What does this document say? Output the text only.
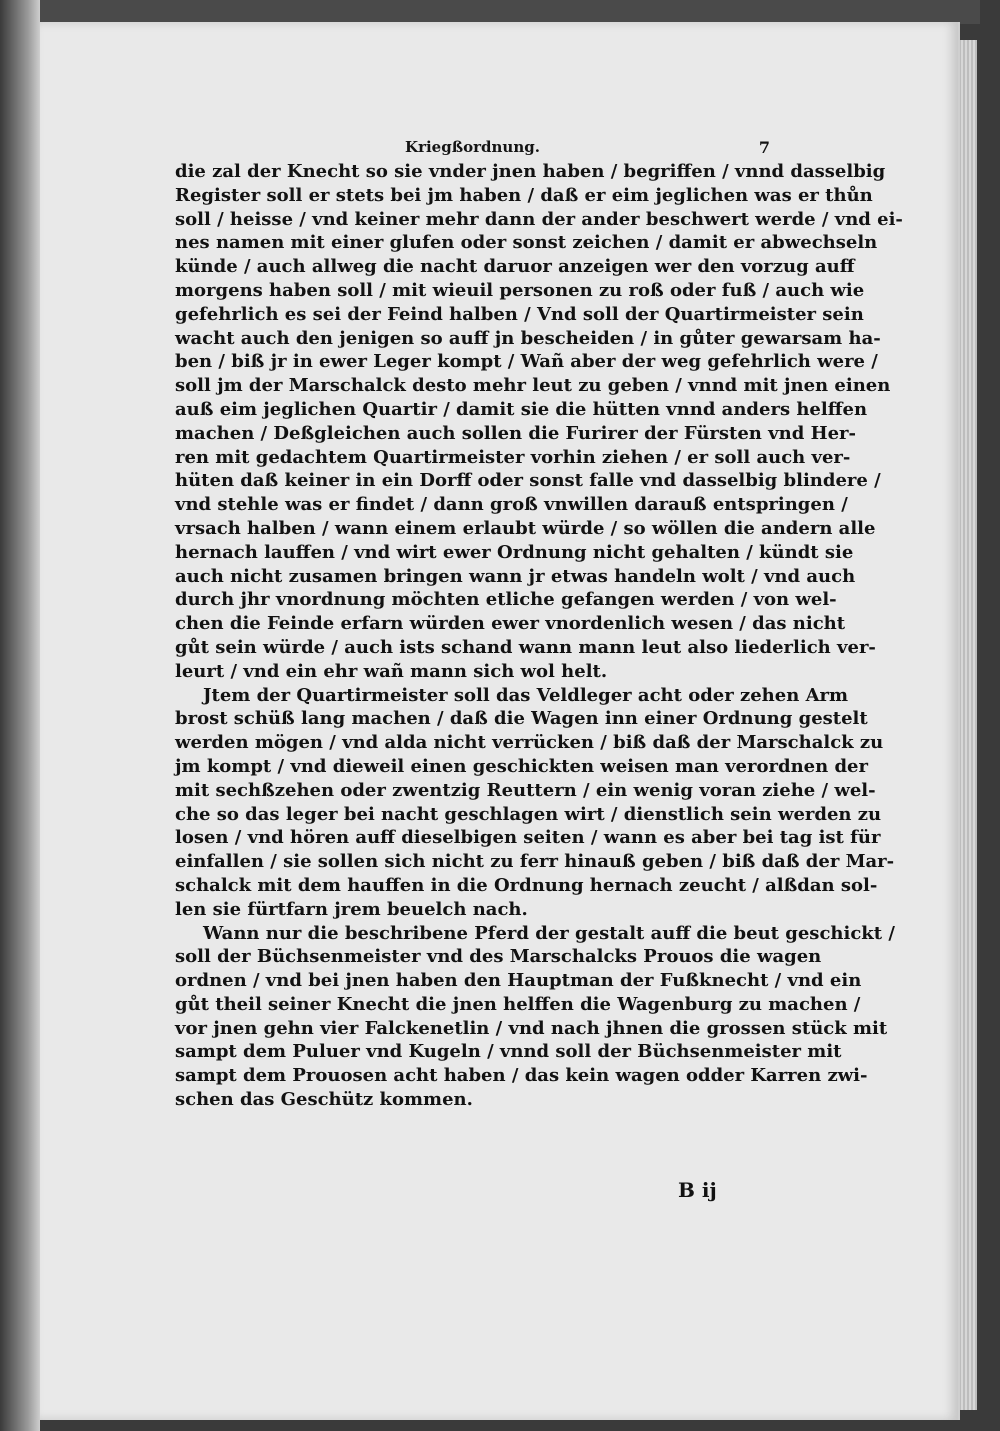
Kriegßordnung.	7
die zal der Knecht so sie vnder jnen haben / begriffen / vnnd dasselbig
Register soll er stets bei jm haben / daß er eim jeglichen was er thůn
soll / heisse / vnd keiner mehr dann der ander beschwert werde / vnd ei‑
nes namen mit einer glufen oder sonst zeichen / damit er abwechseln
künde / auch allweg die nacht daruor anzeigen wer den vorzug auff
morgens haben soll / mit wieuil personen zu roß oder fuß / auch wie
gefehrlich es sei der Feind halben / Vnd soll der Quartirmeister sein
wacht auch den jenigen so auff jn bescheiden / in gůter gewarsam ha‑
ben / biß jr in ewer Leger kompt / Wañ aber der weg gefehrlich were /
soll jm der Marschalck desto mehr leut zu geben / vnnd mit jnen einen
auß eim jeglichen Quartir / damit sie die hütten vnnd anders helffen
machen / Deßgleichen auch sollen die Furirer der Fürsten vnd Her‑
ren mit gedachtem Quartirmeister vorhin ziehen / er soll auch ver‑
hüten daß keiner in ein Dorff oder sonst falle vnd dasselbig blindere /
vnd stehle was er findet / dann groß vnwillen darauß entspringen /
vrsach halben / wann einem erlaubt würde / so wöllen die andern alle
hernach lauffen / vnd wirt ewer Ordnung nicht gehalten / kündt sie
auch nicht zusamen bringen wann jr etwas handeln wolt / vnd auch
durch jhr vnordnung möchten etliche gefangen werden / von wel‑
chen die Feinde erfarn würden ewer vnordenlich wesen / das nicht
gůt sein würde / auch ists schand wann mann leut also liederlich ver‑
leurt / vnd ein ehr wañ mann sich wol helt.
Jtem der Quartirmeister soll das Veldleger acht oder zehen Arm
brost schüß lang machen / daß die Wagen inn einer Ordnung gestelt
werden mögen / vnd alda nicht verrücken / biß daß der Marschalck zu
jm kompt / vnd dieweil einen geschickten weisen man verordnen der
mit sechßzehen oder zwentzig Reuttern / ein wenig voran ziehe / wel‑
che so das leger bei nacht geschlagen wirt / dienstlich sein werden zu
losen / vnd hören auff dieselbigen seiten / wann es aber bei tag ist für
einfallen / sie sollen sich nicht zu ferr hinauß geben / biß daß der Mar‑
schalck mit dem hauffen in die Ordnung hernach zeucht / alßdan sol‑
len sie fürtfarn jrem beuelch nach.
Wann nur die beschribene Pferd der gestalt auff die beut geschickt /
soll der Büchsenmeister vnd des Marschalcks Prouos die wagen
ordnen / vnd bei jnen haben den Hauptman der Fußknecht / vnd ein
gůt theil seiner Knecht die jnen helffen die Wagenburg zu machen /
vor jnen gehn vier Falckenetlin / vnd nach jhnen die grossen stück mit
sampt dem Puluer vnd Kugeln / vnnd soll der Büchsenmeister mit
sampt dem Prouosen acht haben / das kein wagen odder Karren zwi‑
schen das Geschütz kommen.
B ij
